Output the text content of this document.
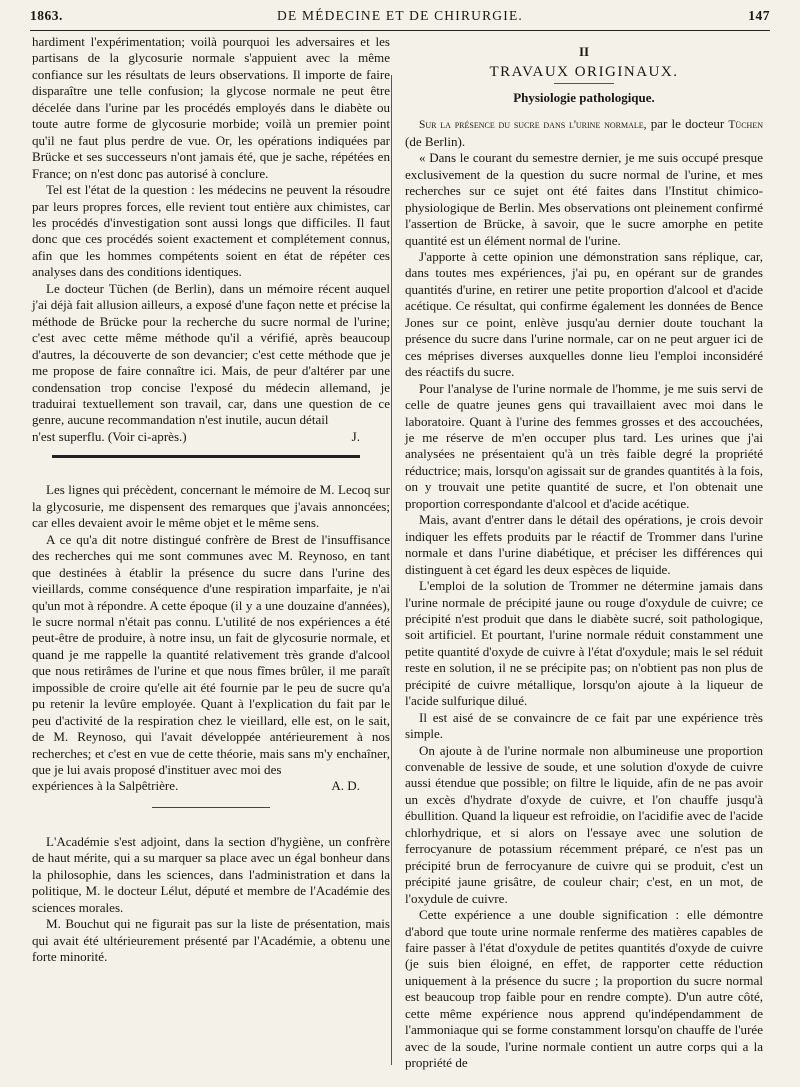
1863.	DE MÉDECINE ET DE CHIRURGIE.	147

hardiment l'expérimentation; voilà pourquoi les adversaires et les partisans de la glycosurie normale s'appuient avec la même confiance sur les résultats de leurs observations. Il importe de faire disparaître une telle confusion; la glycose normale ne peut être décelée dans l'urine par les procédés employés dans le diabète ou toute autre forme de glycosurie morbide; voilà un premier point qu'il ne faut plus perdre de vue. Or, les opérations indiquées par Brücke et ses successeurs n'ont jamais été, que je sache, répétées en France; on n'est donc pas autorisé à conclure.

Tel est l'état de la question : les médecins ne peuvent la résoudre par leurs propres forces, elle revient tout entière aux chimistes, car les procédés d'investigation sont aussi longs que difficiles. Il faut donc que ces procédés soient exactement et complétement connus, afin que les hommes compétents soient en état de répéter ces analyses dans des conditions identiques.

Le docteur Tüchen (de Berlin), dans un mémoire récent auquel j'ai déjà fait allusion ailleurs, a exposé d'une façon nette et précise la méthode de Brücke pour la recherche du sucre normal de l'urine; c'est avec cette même méthode qu'il a vérifié, après beaucoup d'autres, la découverte de son devancier; c'est cette méthode que je me propose de faire connaître ici. Mais, de peur d'altérer par une condensation trop concise l'exposé du médecin allemand, je traduirai textuellement son travail, car, dans une question de ce genre, aucune recommandation n'est inutile, aucun détail

n'est superflu. (Voir ci-après.)	J.

Les lignes qui précèdent, concernant le mémoire de M. Lecoq sur la glycosurie, me dispensent des remarques que j'avais annoncées; car elles devaient avoir le même objet et le même sens.

A ce qu'a dit notre distingué confrère de Brest de l'insuffisance des recherches qui me sont communes avec M. Reynoso, en tant que destinées à établir la présence du sucre dans l'urine des vieillards, comme conséquence d'une respiration imparfaite, je n'ai qu'un mot à répondre. A cette époque (il y a une douzaine d'années), le sucre normal n'était pas connu. L'utilité de nos expériences a été peut-être de produire, à notre insu, un fait de glycosurie normale, et quand je me rappelle la quantité relativement très grande d'alcool que nous retirâmes de l'urine et que nous fîmes brûler, il me paraît impossible de croire qu'elle ait été fournie par le peu de sucre qu'a pu retenir la levûre employée. Quant à l'explication du fait par le peu d'activité de la respiration chez le vieillard, elle est, on le sait, de M. Reynoso, qui l'avait développée antérieurement à nos recherches; et c'est en vue de cette théorie, mais sans m'y enchaîner, que je lui avais proposé d'instituer avec moi des

expériences à la Salpêtrière.	A. D.

L'Académie s'est adjoint, dans la section d'hygiène, un confrère de haut mérite, qui a su marquer sa place avec un égal bonheur dans la philosophie, dans les sciences, dans l'administration et dans la politique, M. le docteur Lélut, député et membre de l'Académie des sciences morales.

M. Bouchut qui ne figurait pas sur la liste de présentation, mais qui avait été ultérieurement présenté par l'Académie, a obtenu une forte minorité.

II
TRAVAUX ORIGINAUX.
Physiologie pathologique.

Sur la présence du sucre dans l'urine normale, par le docteur Tüchen (de Berlin).

« Dans le courant du semestre dernier, je me suis occupé presque exclusivement de la question du sucre normal de l'urine, et mes recherches sur ce sujet ont été faites dans l'Institut chimico-physiologique de Berlin. Mes observations ont pleinement confirmé l'assertion de Brücke, à savoir, que le sucre amorphe en petite quantité est un élément normal de l'urine.

J'apporte à cette opinion une démonstration sans réplique, car, dans toutes mes expériences, j'ai pu, en opérant sur de grandes quantités d'urine, en retirer une petite proportion d'alcool et d'acide acétique. Ce résultat, qui confirme également les données de Bence Jones sur ce point, enlève jusqu'au dernier doute touchant la présence du sucre dans l'urine normale, car on ne peut arguer ici de ces méprises diverses auxquelles donne lieu l'emploi inconsidéré des réactifs du sucre.

Pour l'analyse de l'urine normale de l'homme, je me suis servi de celle de quatre jeunes gens qui travaillaient avec moi dans le laboratoire. Quant à l'urine des femmes grosses et des accouchées, je me réserve de m'en occuper plus tard. Les urines que j'ai analysées ne présentaient qu'à un très faible degré la propriété réductrice; mais, lorsqu'on agissait sur de grandes quantités à la fois, on y trouvait une petite quantité de sucre, et l'on obtenait une proportion correspondante d'alcool et d'acide acétique.

Mais, avant d'entrer dans le détail des opérations, je crois devoir indiquer les effets produits par le réactif de Trommer dans l'urine normale et dans l'urine diabétique, et préciser les différences qui distinguent à cet égard les deux espèces de liquide.

L'emploi de la solution de Trommer ne détermine jamais dans l'urine normale de précipité jaune ou rouge d'oxydule de cuivre; ce précipité n'est produit que dans le diabète sucré, soit pathologique, soit artificiel. Et pourtant, l'urine normale réduit constamment une petite quantité d'oxyde de cuivre à l'état d'oxydule; mais le sel réduit reste en solution, il ne se précipite pas; on n'obtient pas non plus de précipité de cuivre métallique, lorsqu'on ajoute à la liqueur de l'acide sulfurique dilué.

Il est aisé de se convaincre de ce fait par une expérience très simple.

On ajoute à de l'urine normale non albumineuse une proportion convenable de lessive de soude, et une solution d'oxyde de cuivre aussi étendue que possible; on filtre le liquide, afin de ne pas avoir un excès d'hydrate d'oxyde de cuivre, et l'on chauffe jusqu'à ébullition. Quand la liqueur est refroidie, on l'acidifie avec de l'acide chlorhydrique, et si alors on l'essaye avec une solution de ferrocyanure de potassium récemment préparé, ce n'est pas un précipité brun de ferrocyanure de cuivre qui se produit, c'est un précipité jaune grisâtre, de couleur chair; c'est, en un mot, de l'oxydule de cuivre.

Cette expérience a une double signification : elle démontre d'abord que toute urine normale renferme des matières capables de faire passer à l'état d'oxydule de petites quantités d'oxyde de cuivre (je suis bien éloigné, en effet, de rapporter cette réduction uniquement à la présence du sucre ; la proportion du sucre normal est beaucoup trop faible pour en rendre compte). D'un autre côté, cette même expérience nous apprend qu'indépendamment de l'ammoniaque qui se forme constamment lorsqu'on chauffe de l'urée avec de la soude, l'urine normale contient un autre corps qui a la propriété de
